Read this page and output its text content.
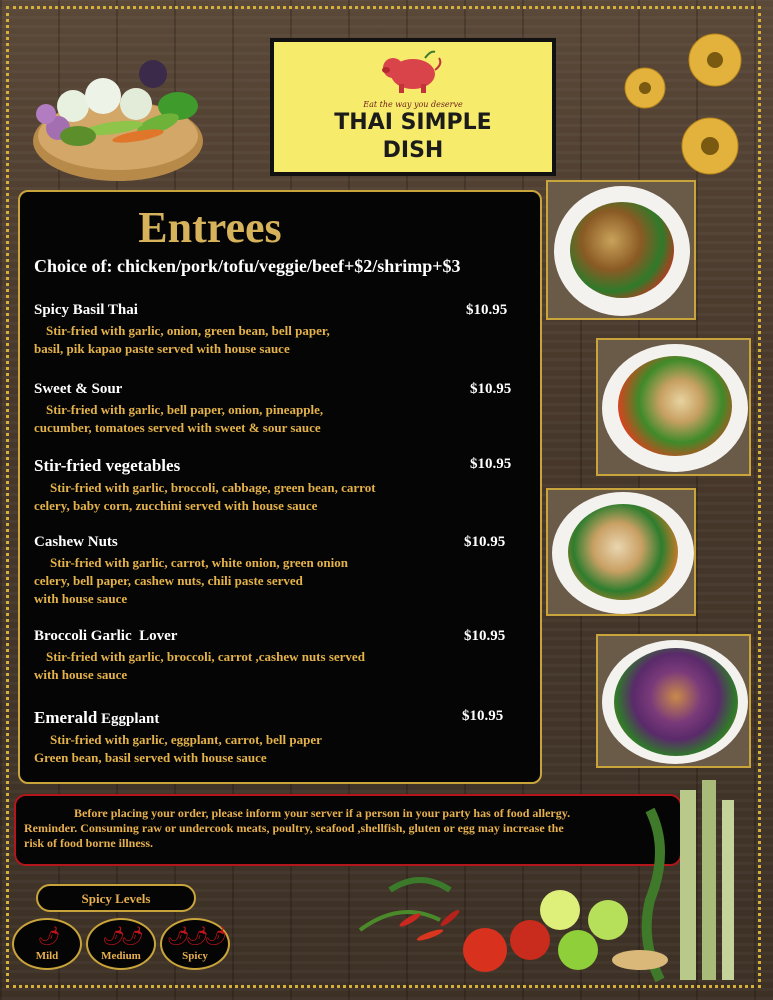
Eat the way you deserve
THAI SIMPLE
DISH
Entrees
Choice of: chicken/pork/tofu/veggie/beef+$2/shrimp+$3
Spicy Basil Thai	$10.95
Stir-fried with garlic, onion, green bean, bell paper,
basil, pik kapao paste served with house sauce
Sweet & Sour	$10.95
Stir-fried with garlic, bell paper, onion, pineapple,
cucumber, tomatoes served with sweet & sour sauce
Stir-fried vegetables	$10.95
Stir-fried with garlic, broccoli, cabbage, green bean, carrot
celery, baby corn, zucchini served with house sauce
Cashew Nuts	$10.95
Stir-fried with garlic, carrot, white onion, green onion
celery, bell paper, cashew nuts, chili paste served
with house sauce
Broccoli Garlic  Lover	$10.95
Stir-fried with garlic, broccoli, carrot ,cashew nuts served
with house sauce
Emerald Eggplant	$10.95
Stir-fried with garlic, eggplant, carrot, bell paper
Green bean, basil served with house sauce
Before placing your order, please inform your server if a person in your party has of food allergy.
Reminder. Consuming raw or undercook meats, poultry, seafood ,shellfish, gluten or egg may increase the
risk of food borne illness.
Spicy Levels
🌶
Mild
🌶🌶
Medium
🌶🌶🌶
Spicy
